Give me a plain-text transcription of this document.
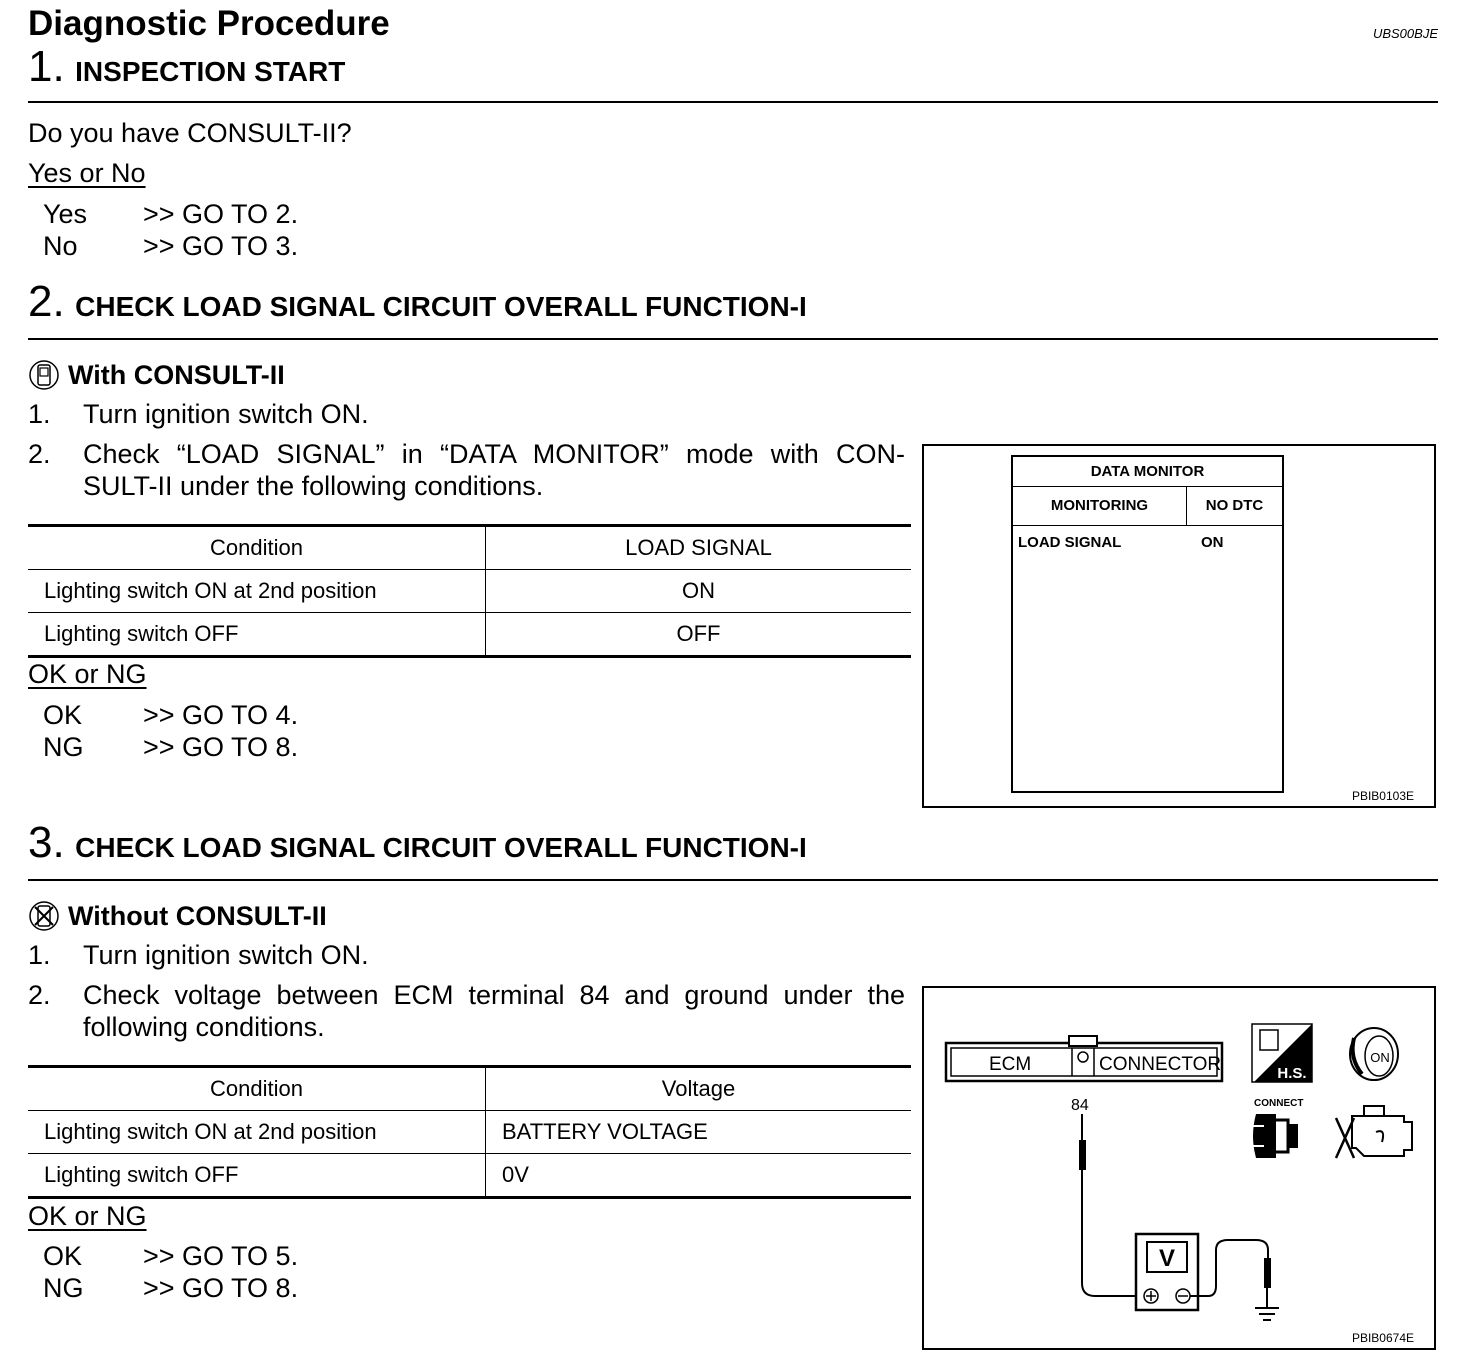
Diagnostic Procedure	UBS00BJE
1. INSPECTION START
Do you have CONSULT-II?
Yes or No
Yes >> GO TO 2.
No >> GO TO 3.
2. CHECK LOAD SIGNAL CIRCUIT OVERALL FUNCTION-I
With CONSULT-II
1. Turn ignition switch ON.
2. Check “LOAD SIGNAL” in “DATA MONITOR” mode with CON-
SULT-II under the following conditions.
Condition	LOAD SIGNAL
Lighting switch ON at 2nd position	ON
Lighting switch OFF	OFF
OK or NG
OK >> GO TO 4.
NG >> GO TO 8.
DATA MONITOR
MONITORING	NO DTC
LOAD SIGNAL	ON
PBIB0103E
3. CHECK LOAD SIGNAL CIRCUIT OVERALL FUNCTION-I
Without CONSULT-II
1. Turn ignition switch ON.
2. Check voltage between ECM terminal 84 and ground under the
following conditions.
Condition	Voltage
Lighting switch ON at 2nd position	BATTERY VOLTAGE
Lighting switch OFF	0V
OK or NG
OK >> GO TO 5.
NG >> GO TO 8.
ECM	CONNECTOR
84
V
H.S.
ON
CONNECT
PBIB0674E
